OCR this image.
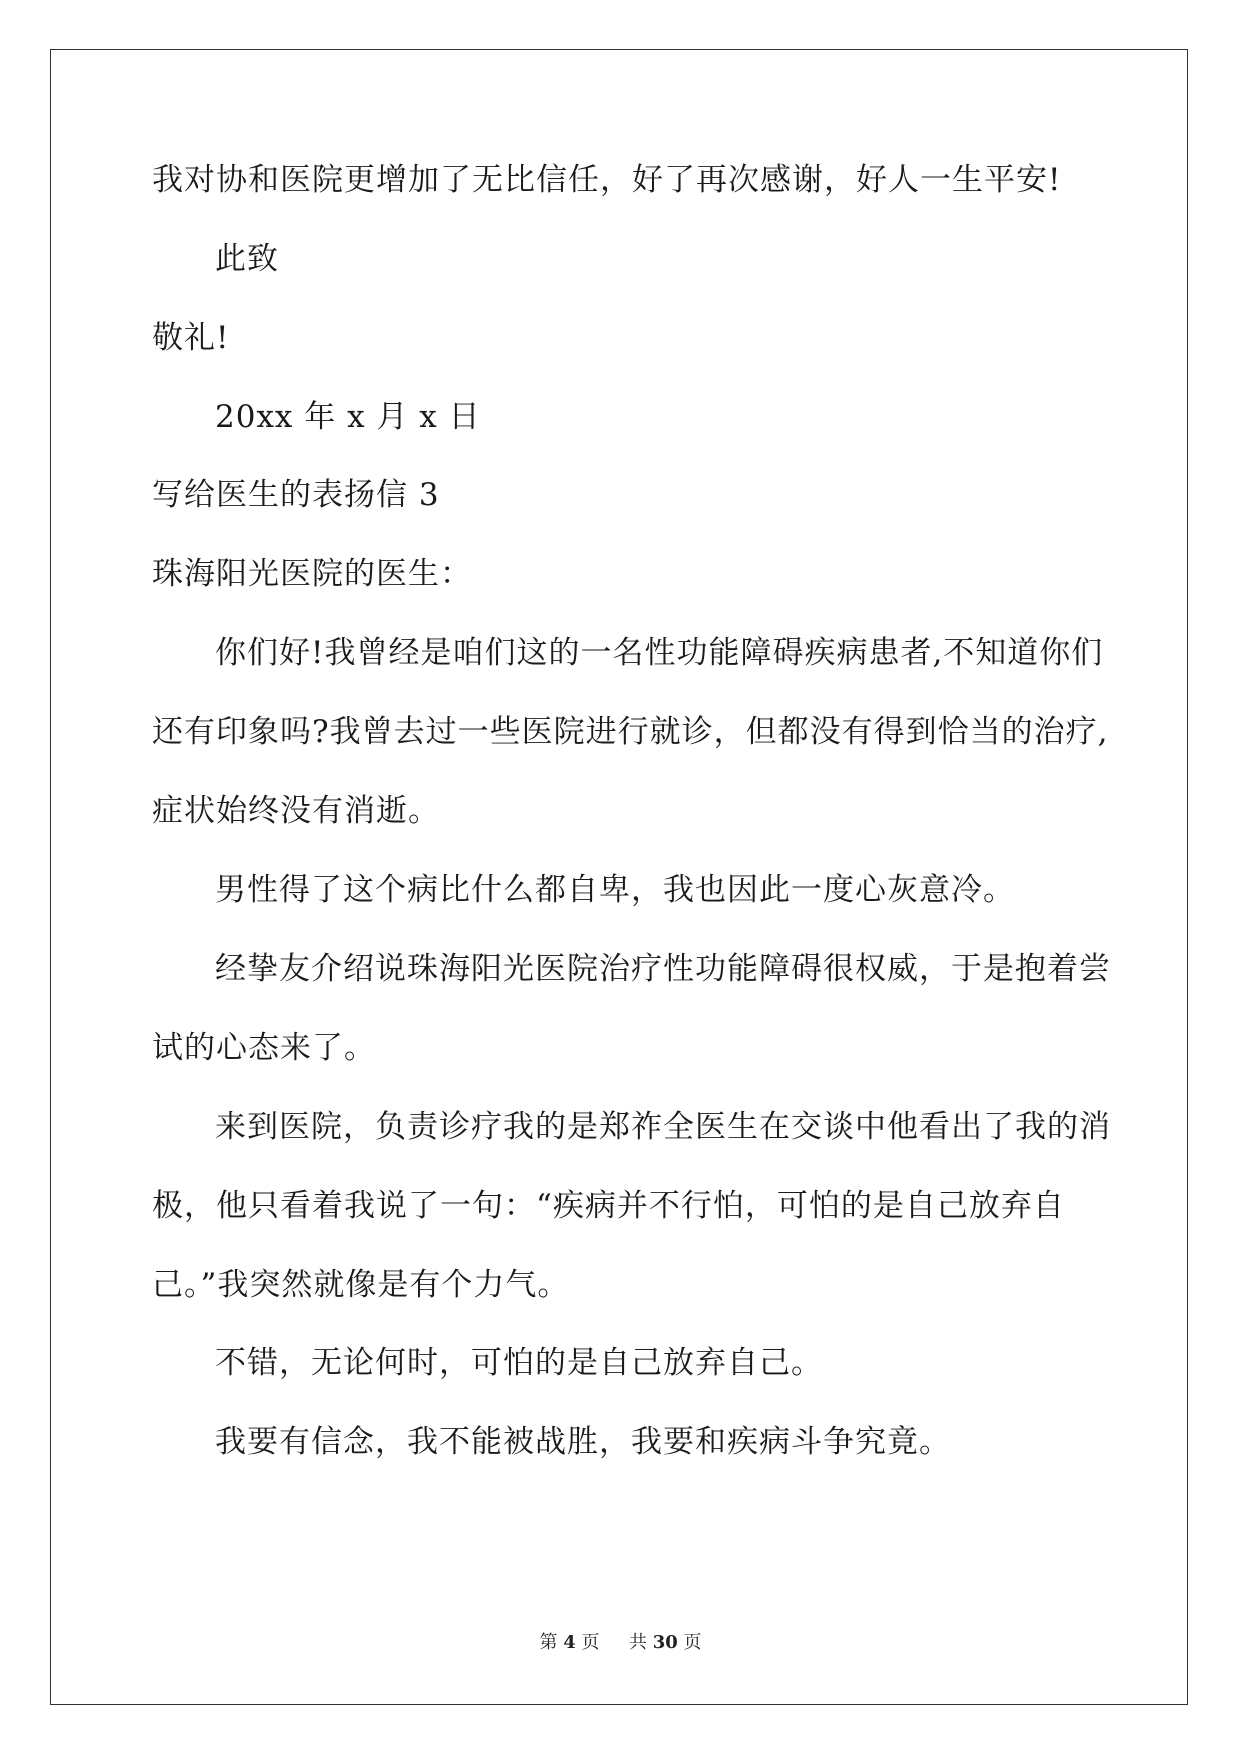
我对协和医院更增加了无比信任，好了再次感谢，好人一生平安!
此致
敬礼!
20xx 年 x 月 x 日
写给医生的表扬信 3
珠海阳光医院的医生：
你们好!我曾经是咱们这的一名性功能障碍疾病患者,不知道你们
还有印象吗?我曾去过一些医院进行就诊，但都没有得到恰当的治疗,
症状始终没有消逝。
男性得了这个病比什么都自卑，我也因此一度心灰意冷。
经挚友介绍说珠海阳光医院治疗性功能障碍很权威，于是抱着尝
试的心态来了。
来到医院，负责诊疗我的是郑祚全医生在交谈中他看出了我的消
极，他只看着我说了一句：“疾病并不行怕，可怕的是自己放弃自
己。”我突然就像是有个力气。
不错，无论何时，可怕的是自己放弃自己。
我要有信念，我不能被战胜，我要和疾病斗争究竟。
第 4 页 共 30 页
